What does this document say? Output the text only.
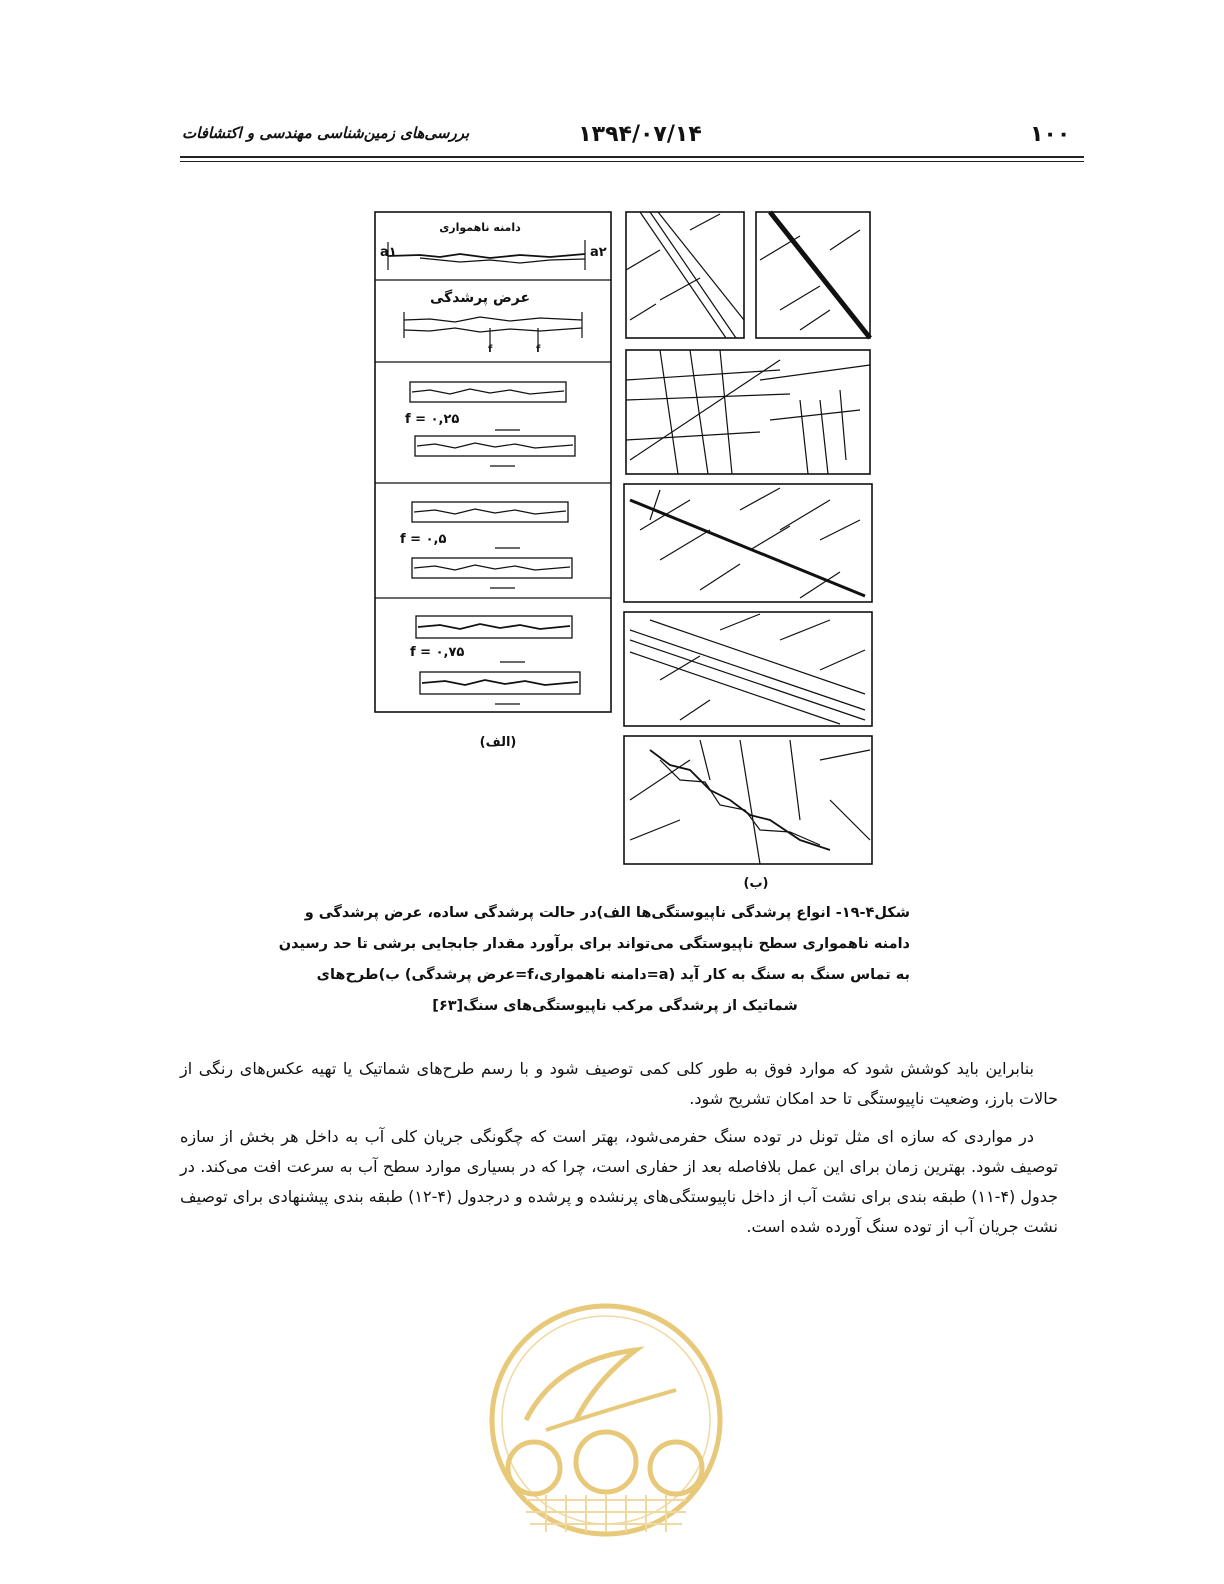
۱۰۰
۱۳۹۴/۰۷/۱۴
بررسی‌های زمین‌شناسی مهندسی و اکتشافات
دامنه ناهمواری
a۱	a۲
عرض پرشدگی
f	f
f = ۰,۲۵
f = ۰,۵
f = ۰,۷۵
(الف)
(ب)
شکل۴-۱۹- انواع پرشدگی ناپیوستگی‌ها الف)در حالت پرشدگی ساده، عرض پرشدگی و
دامنه ناهمواری سطح ناپیوستگی می‌تواند برای برآورد مقدار جابجایی برشی تا حد رسیدن
به تماس سنگ به سنگ به کار آید (a=دامنه ناهمواری،f=عرض پرشدگی) ب)طرح‌های
شماتیک از پرشدگی مرکب ناپیوستگی‌های سنگ[۶۳]

بنابراین باید کوشش شود که موارد فوق به طور کلی کمی توصیف شود و با رسم طرح‌های شماتیک یا تهیه عکس‌های رنگی از حالات بارز، وضعیت ناپیوستگی تا حد امکان تشریح شود.

در مواردی که سازه ای مثل تونل در توده سنگ حفرمی‌شود، بهتر است که چگونگی جریان کلی آب به داخل هر بخش از سازه توصیف شود. بهترین زمان برای این عمل بلافاصله بعد از حفاری است، چرا که در بسیاری موارد سطح آب به سرعت افت می‌کند. در جدول (۴-۱۱) طبقه بندی برای نشت آب از داخل ناپیوستگی‌های پرنشده و پرشده و درجدول (۴-۱۲) طبقه بندی پیشنهادی برای توصیف نشت جریان آب از توده سنگ آورده شده است.
